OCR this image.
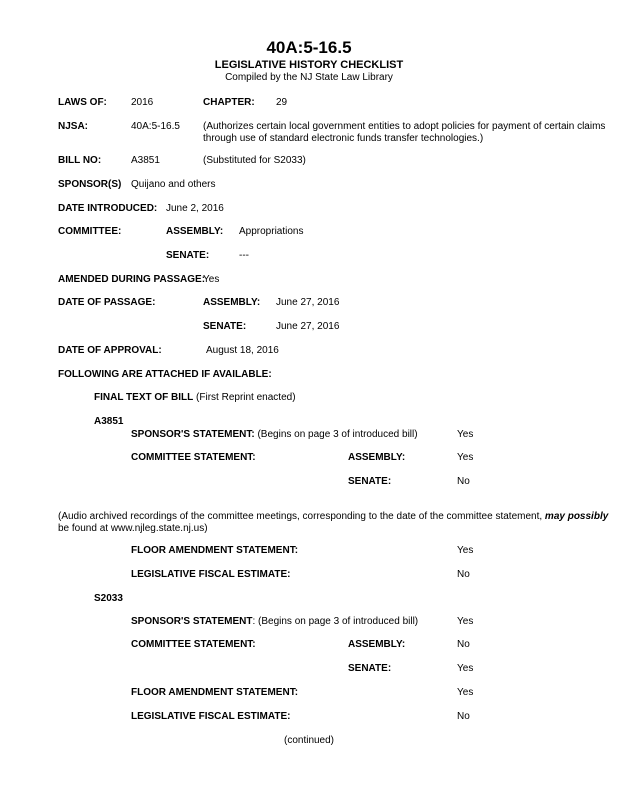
40A:5-16.5
LEGISLATIVE HISTORY CHECKLIST
Compiled by the NJ State Law Library
LAWS OF: 2016	CHAPTER: 29
NJSA:	40A:5-16.5 (Authorizes certain local government entities to adopt policies for payment of certain claims
through use of standard electronic funds transfer technologies.)
BILL NO:	A3851	(Substituted for S2033)
SPONSOR(S) Quijano and others
DATE INTRODUCED: June 2, 2016
COMMITTEE:	ASSEMBLY: Appropriations
SENATE:	---
AMENDED DURING PASSAGE:
Yes
DATE OF PASSAGE:	ASSEMBLY: June 27, 2016
SENATE:	June 27, 2016
DATE OF APPROVAL:	August 18, 2016
FOLLOWING ARE ATTACHED IF AVAILABLE:
FINAL TEXT OF BILL (First Reprint enacted)
A3851
SPONSOR'S STATEMENT: (Begins on page 3 of introduced bill)	Yes
COMMITTEE STATEMENT:	ASSEMBLY:	Yes
SENATE:	No
(Audio archived recordings of the committee meetings, corresponding to the date of the committee statement, may possibly
be found at www.njleg.state.nj.us)
FLOOR AMENDMENT STATEMENT:	Yes
LEGISLATIVE FISCAL ESTIMATE:	No
S2033
SPONSOR'S STATEMENT: (Begins on page 3 of introduced bill)	Yes
COMMITTEE STATEMENT:	ASSEMBLY:	No
SENATE:	Yes
FLOOR AMENDMENT STATEMENT:	Yes
LEGISLATIVE FISCAL ESTIMATE:	No
(continued)
